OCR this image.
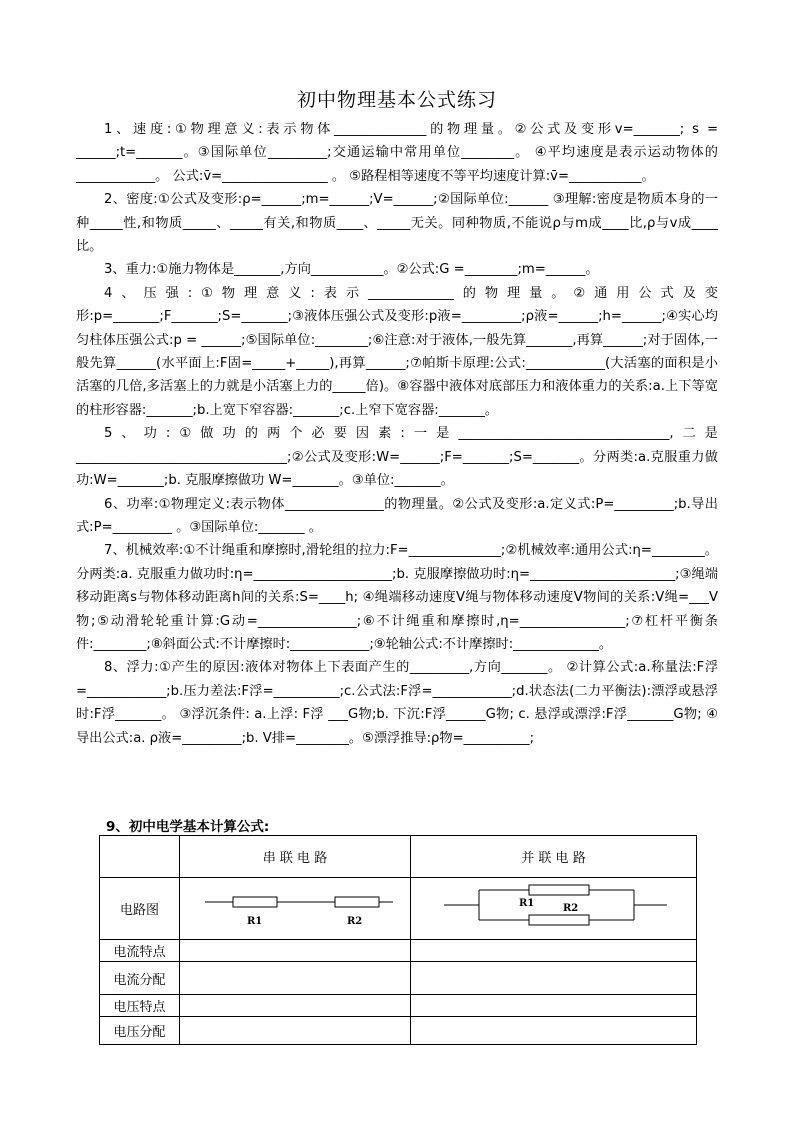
初中物理基本公式练习

1、速度:①物理意义:表示物体______________的物理量。②公式及变形v=_______; s = ______;t=_______。③国际单位_________;交通运输中常用单位________。 ④平均速度是表示运动物体的____________。 公式:v̄=________________ 。 ⑤路程相等速度不等平均速度计算:v̄=___________。

2、密度:①公式及变形:ρ=______;m=______;V=______;②国际单位:______ ③理解:密度是物质本身的一种_____性,和物质_____、_____有关,和物质____、_____无关。同种物质,不能说ρ与m成____比,ρ与v成____比。

3、重力:①施力物体是_______,方向___________。②公式:G =________;m=______。

4、压强:①物理意义:表示_____________的物理量。②通用公式及变形:p=_______;F_______;S=_______;③液体压强公式及变形:p液=_________;ρ液=______;h=______;④实心均匀柱体压强公式:p = ______;⑤国际单位:________;⑥注意:对于液体,一般先算_______,再算______;对于固体,一般先算______(水平面上:F固=_____+_____),再算______;⑦帕斯卡原理:公式:____________(大活塞的面积是小活塞的几倍,多活塞上的力就是小活塞上力的_____倍)。⑧容器中液体对底部压力和液体重力的关系:a.上下等宽的柱形容器:_______;b.上宽下窄容器:_______;c.上窄下宽容器:_______。

5、功:①做功的两个必要因素:一是________________________________,二是________________________________;②公式及变形:W=______;F=_______;S=_______。分两类:a.克服重力做功:W=_______;b. 克服摩擦做功 W=_______。③单位:_______。

6、功率:①物理定义:表示物体_______________的物理量。②公式及变形:a.定义式:P=_________;b.导出式:P=_________ 。③国际单位:_______ 。

7、机械效率:①不计绳重和摩擦时,滑轮组的拉力:F=______________;②机械效率:通用公式:η=________。分两类:a. 克服重力做功时:η=_____________________;b. 克服摩擦做功时:η=______________________;③绳端移动距离s与物体移动距离h间的关系:S=____h; ④绳端移动速度V绳与物体移动速度V物间的关系:V绳=___V物;⑤动滑轮轮重计算:G动=_______________;⑥不计绳重和摩擦时,η=________________;⑦杠杆平衡条件:________;⑧斜面公式:不计摩擦时:____________;⑨轮轴公式:不计摩擦时:_____________。

8、浮力:①产生的原因:液体对物体上下表面产生的_________,方向_______。 ②计算公式:a.称量法:F浮=____________;b.压力差法:F浮=__________;c.公式法:F浮=____________;d.状态法(二力平衡法):漂浮或悬浮时:F浮_______。 ③浮沉条件: a.上浮: F浮 ___G物;b. 下沉:F浮______G物; c. 悬浮或漂浮:F浮_______G物; ④导出公式:a. ρ液=_________;b. V排=________。⑤漂浮推导:ρ物=__________;

9、初中电学基本计算公式:
	串 联 电 路	并 联 电 路
电路图	R1 R2	R1 R2

电流特点		
电流分配		
电压特点		
电压分配		
